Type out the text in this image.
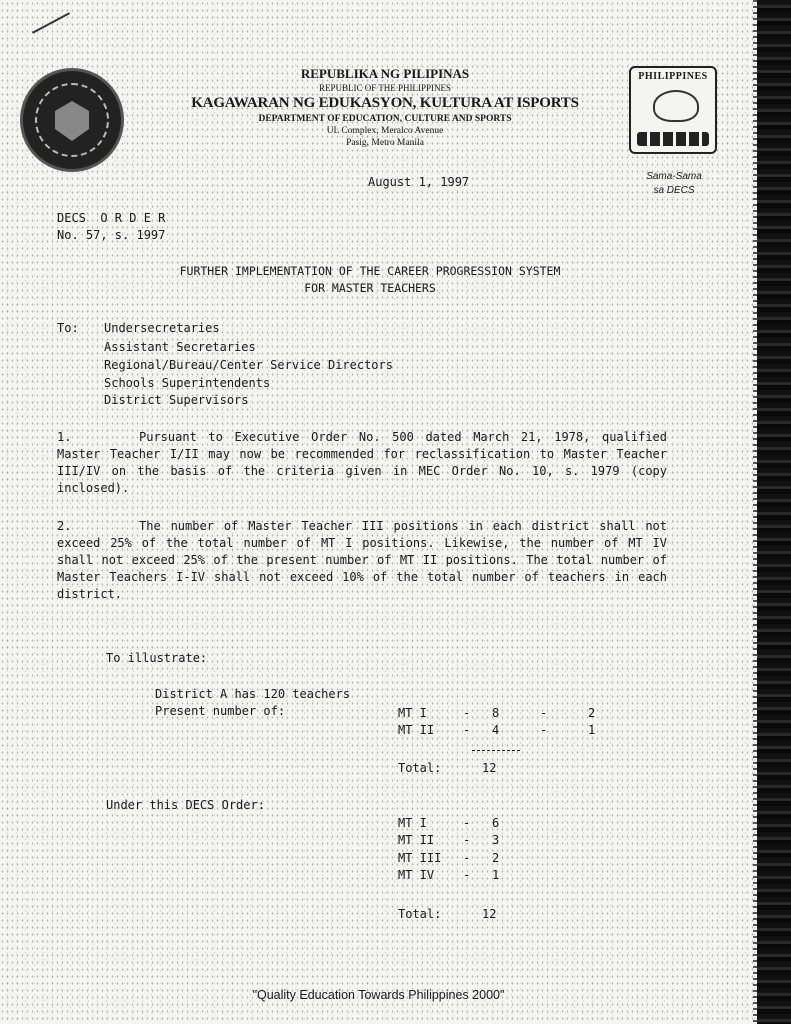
REPUBLIKA NG PILIPINAS
REPUBLIC OF THE PHILIPPINES
KAGAWARAN NG EDUKASYON, KULTURA AT ISPORTS
DEPARTMENT OF EDUCATION, CULTURE AND SPORTS
UL Complex, Meralco Avenue
Pasig, Metro Manila
PHILIPPINES
Sama-Sama
sa DECS
August 1, 1997
DECS  O R D E R
No. 57, s. 1997
FURTHER IMPLEMENTATION OF THE CAREER PROGRESSION SYSTEM
FOR MASTER TEACHERS
To: Undersecretaries
Assistant Secretaries
Regional/Bureau/Center Service Directors
Schools Superintendents
District Supervisors
1.	Pursuant to Executive Order No. 500 dated March 21, 1978, qualified Master Teacher I/II may now be recommended for reclassification to Master Teacher III/IV on the basis of the criteria given in MEC Order No. 10, s. 1979 (copy inclosed).
2.	The number of Master Teacher III positions in each district shall not exceed 25% of the total number of MT I positions. Likewise, the number of MT IV shall not exceed 25% of the present number of MT II positions. The total number of Master Teachers I-IV shall not exceed 10% of the total number of teachers in each district.
To illustrate:
District A has 120 teachers
Present number of:	MT I	- 8	-	2
MT II - 4	-	1
Total:	12
Under this DECS Order:
MT I	- 6
MT II - 3
MT III - 2
MT IV - 1
Total:	12
"Quality Education Towards Philippines 2000"
